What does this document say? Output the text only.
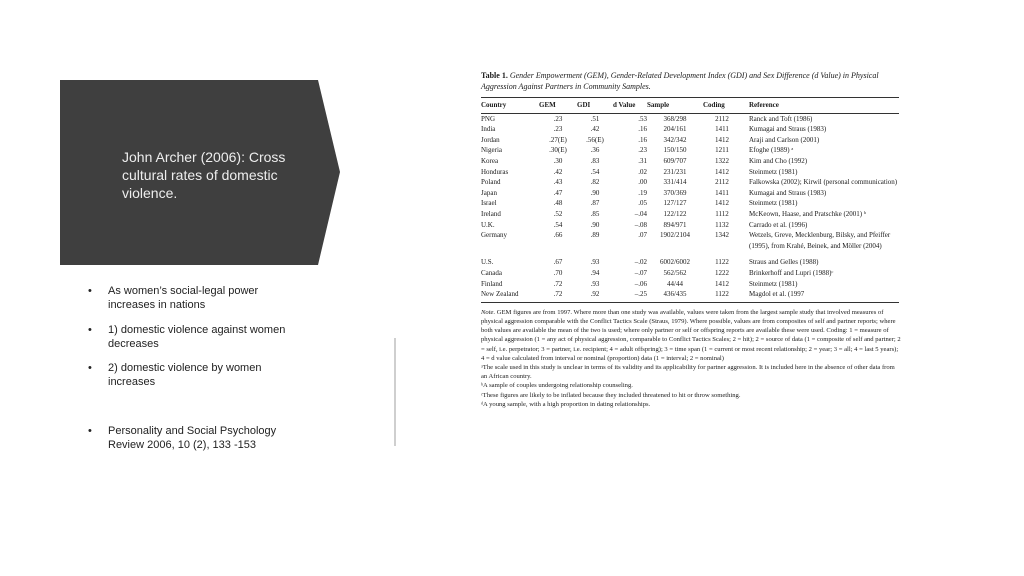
John Archer (2006): Cross cultural rates of domestic violence.
• As women’s social-legal power increases in nations
• 1) domestic violence against women decreases
• 2) domestic violence by women increases
• Personality and Social Psychology Review 2006, 10 (2), 133 -153
Table 1. Gender Empowerment (GEM), Gender-Related Development Index (GDI) and Sex Difference (d Value) in Physical Aggression Against Partners in Community Samples.
Country	GEM	GDI	d Value	Sample	Coding	Reference
PNG	.23	.51	.53	368/298	2112	Ranck and Toft (1986)
India	.23	.42	.16	204/161	1411	Kumagai and Straus (1983)
Jordan	.27(E)	.56(E)	.16	342/342	1412	Araji and Carlson (2001)
Nigeria	.30(E)	.36	.23	150/150	1211	Efoghe (1989) ᵃ
Korea	.30	.83	.31	609/707	1322	Kim and Cho (1992)
Honduras	.42	.54	.02	231/231	1412	Steinmetz (1981)
Poland	.43	.82	.00	331/414	2112	Falkowska (2002); Kirwil (personal communication)
Japan	.47	.90	.19	370/369	1411	Kumagai and Straus (1983)
Israel	.48	.87	.05	127/127	1412	Steinmetz (1981)
Ireland	.52	.85	–.04	122/122	1112	McKeown, Haase, and Pratschke (2001) ᵇ
U.K.	.54	.90	–.08	894/971	1132	Carrado et al. (1996)
Germany	.66	.89	.07	1902/2104	1342	Wetzels, Greve, Mecklenburg, Bilsky, and Pfeiffer
						(1995), from Krahé, Beinek, and Möller (2004)

U.S.	.67	.93	–.02	6002/6002	1122	Straus and Gelles (1988)
Canada	.70	.94	–.07	562/562	1222	Brinkerhoff and Lupri (1988)ᶜ
Finland	.72	.93	–.06	44/44	1412	Steinmetz (1981)
New Zealand	.72	.92	–.25	436/435	1122	Magdol et al. (1997

Note. GEM figures are from 1997. Where more than one study was available, values were taken from the largest sample study that involved measures of physical aggression comparable with the Conflict Tactics Scale (Straus, 1979). Where possible, values are from composites of self and partner reports; where both values are available the mean of the two is used; where only partner or self or offspring reports are available these were used. Coding: 1 = measure of physical aggression (1 = any act of physical aggression, comparable to Conflict Tactics Scales; 2 = hit); 2 = source of data (1 = composite of self and partner; 2 = self, i.e. perpetrator; 3 = partner, i.e. recipient; 4 = adult offspring); 3 = time span (1 = current or most recent relationship; 2 = year; 3 = all; 4 = last 5 years); 4 = d value calculated from interval or nominal (proportion) data (1 = interval; 2 = nominal)

ᵃThe scale used in this study is unclear in terms of its validity and its applicability for partner aggression. It is included here in the absence of other data from an African country.

ᵇA sample of couples undergoing relationship counseling.

ᶜThese figures are likely to be inflated because they included threatened to hit or throw something.

ᵈA young sample, with a high proportion in dating relationships.
